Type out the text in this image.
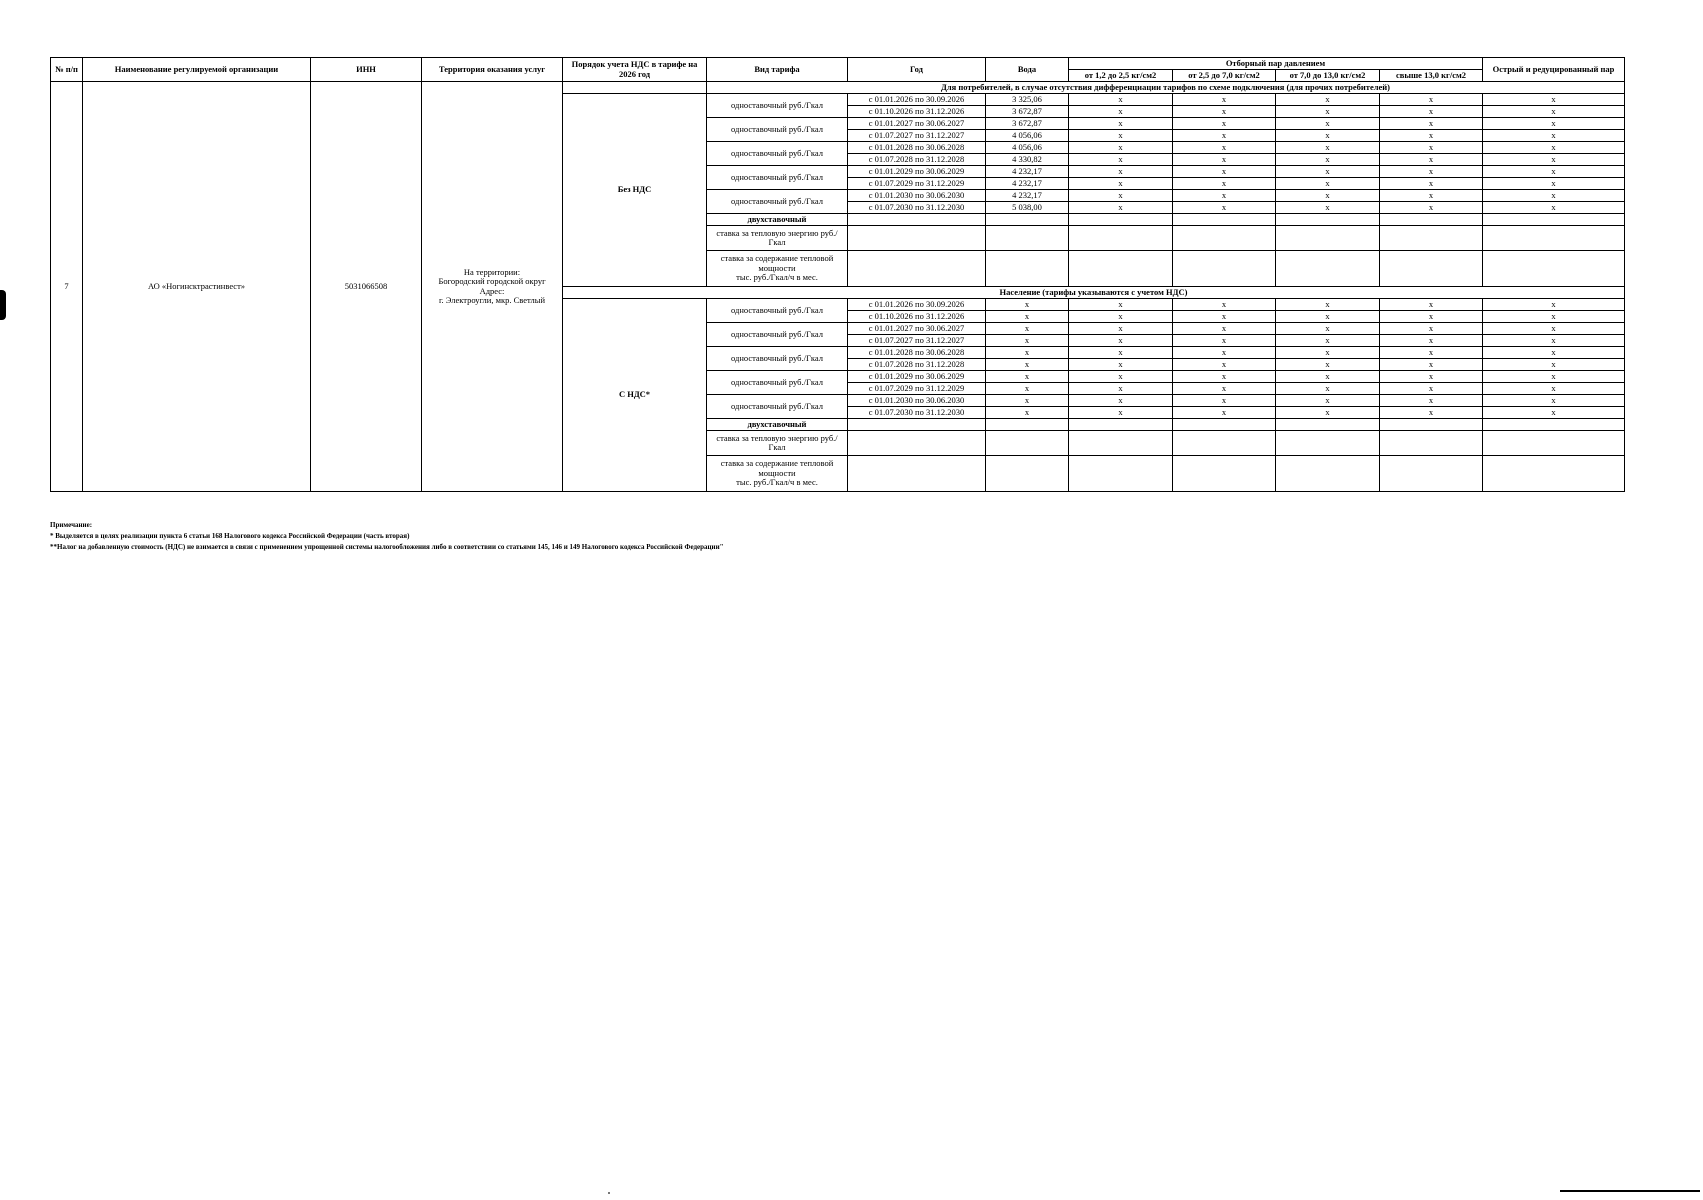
№ п/п	Наименование регулируемой организации	ИНН	Территория оказания услуг	Порядок учета НДС в тарифе на 2026 год	Вид тарифа	Год	Вода	Отборный пар давлением				Острый и редуцированный пар
								от 1,2 до 2,5 кг/см2	от 2,5 до 7,0 кг/см2	от 7,0 до 13,0 кг/см2	свыше 13,0 кг/см2	
7	АО «Ногинсктрастинвест»	5031066508	На территории:
Богородский городской округ
Адрес:
г. Электроугли, мкр. Светлый		Для потребителей, в случае отсутствия дифференциации тарифов по схеме подключения (для прочих потребителей)							
				Без НДС	одноставочный руб./Гкал	с 01.01.2026 по 30.09.2026	3 325,06	х	х	х	х	х
						с 01.10.2026 по 31.12.2026	3 672,87	х	х	х	х	х
					одноставочный руб./Гкал	с 01.01.2027 по 30.06.2027	3 672,87	х	х	х	х	х
						с 01.07.2027 по 31.12.2027	4 056,06	х	х	х	х	х
					одноставочный руб./Гкал	с 01.01.2028 по 30.06.2028	4 056,06	х	х	х	х	х
						с 01.07.2028 по 31.12.2028	4 330,82	х	х	х	х	х
					одноставочный руб./Гкал	с 01.01.2029 по 30.06.2029	4 232,17	х	х	х	х	х
						с 01.07.2029 по 31.12.2029	4 232,17	х	х	х	х	х
					одноставочный руб./Гкал	с 01.01.2030 по 30.06.2030	4 232,17	х	х	х	х	х
						с 01.07.2030 по 31.12.2030	5 038,00	х	х	х	х	х
					двухставочный							
					ставка за тепловую энергию руб./Гкал							

					ставка за содержание тепловой мощности
тыс. руб./Гкал/ч в мес.							

				Население (тарифы указываются с учетом НДС)								
				С НДС*	одноставочный руб./Гкал	с 01.01.2026 по 30.09.2026	х	х	х	х	х	х
						с 01.10.2026 по 31.12.2026	х	х	х	х	х	х
					одноставочный руб./Гкал	с 01.01.2027 по 30.06.2027	х	х	х	х	х	х
						с 01.07.2027 по 31.12.2027	х	х	х	х	х	х
					одноставочный руб./Гкал	с 01.01.2028 по 30.06.2028	х	х	х	х	х	х
						с 01.07.2028 по 31.12.2028	х	х	х	х	х	х
					одноставочный руб./Гкал	с 01.01.2029 по 30.06.2029	х	х	х	х	х	х
						с 01.07.2029 по 31.12.2029	х	х	х	х	х	х
					одноставочный руб./Гкал	с 01.01.2030 по 30.06.2030	х	х	х	х	х	х
						с 01.07.2030 по 31.12.2030	х	х	х	х	х	х
					двухставочный							
					ставка за тепловую энергию руб./Гкал							

					ставка за содержание тепловой мощности
тыс. руб./Гкал/ч в мес.							

Примечание:
* Выделяется в целях реализации пункта 6 статьи 168 Налогового кодекса Российской Федерации (часть вторая)
**Налог на добавленную стоимость (НДС) не взимается в связи с применением упрощенной системы налогообложения либо в соответствии со статьями 145, 146 и 149 Налогового кодекса Российской Федерации"
